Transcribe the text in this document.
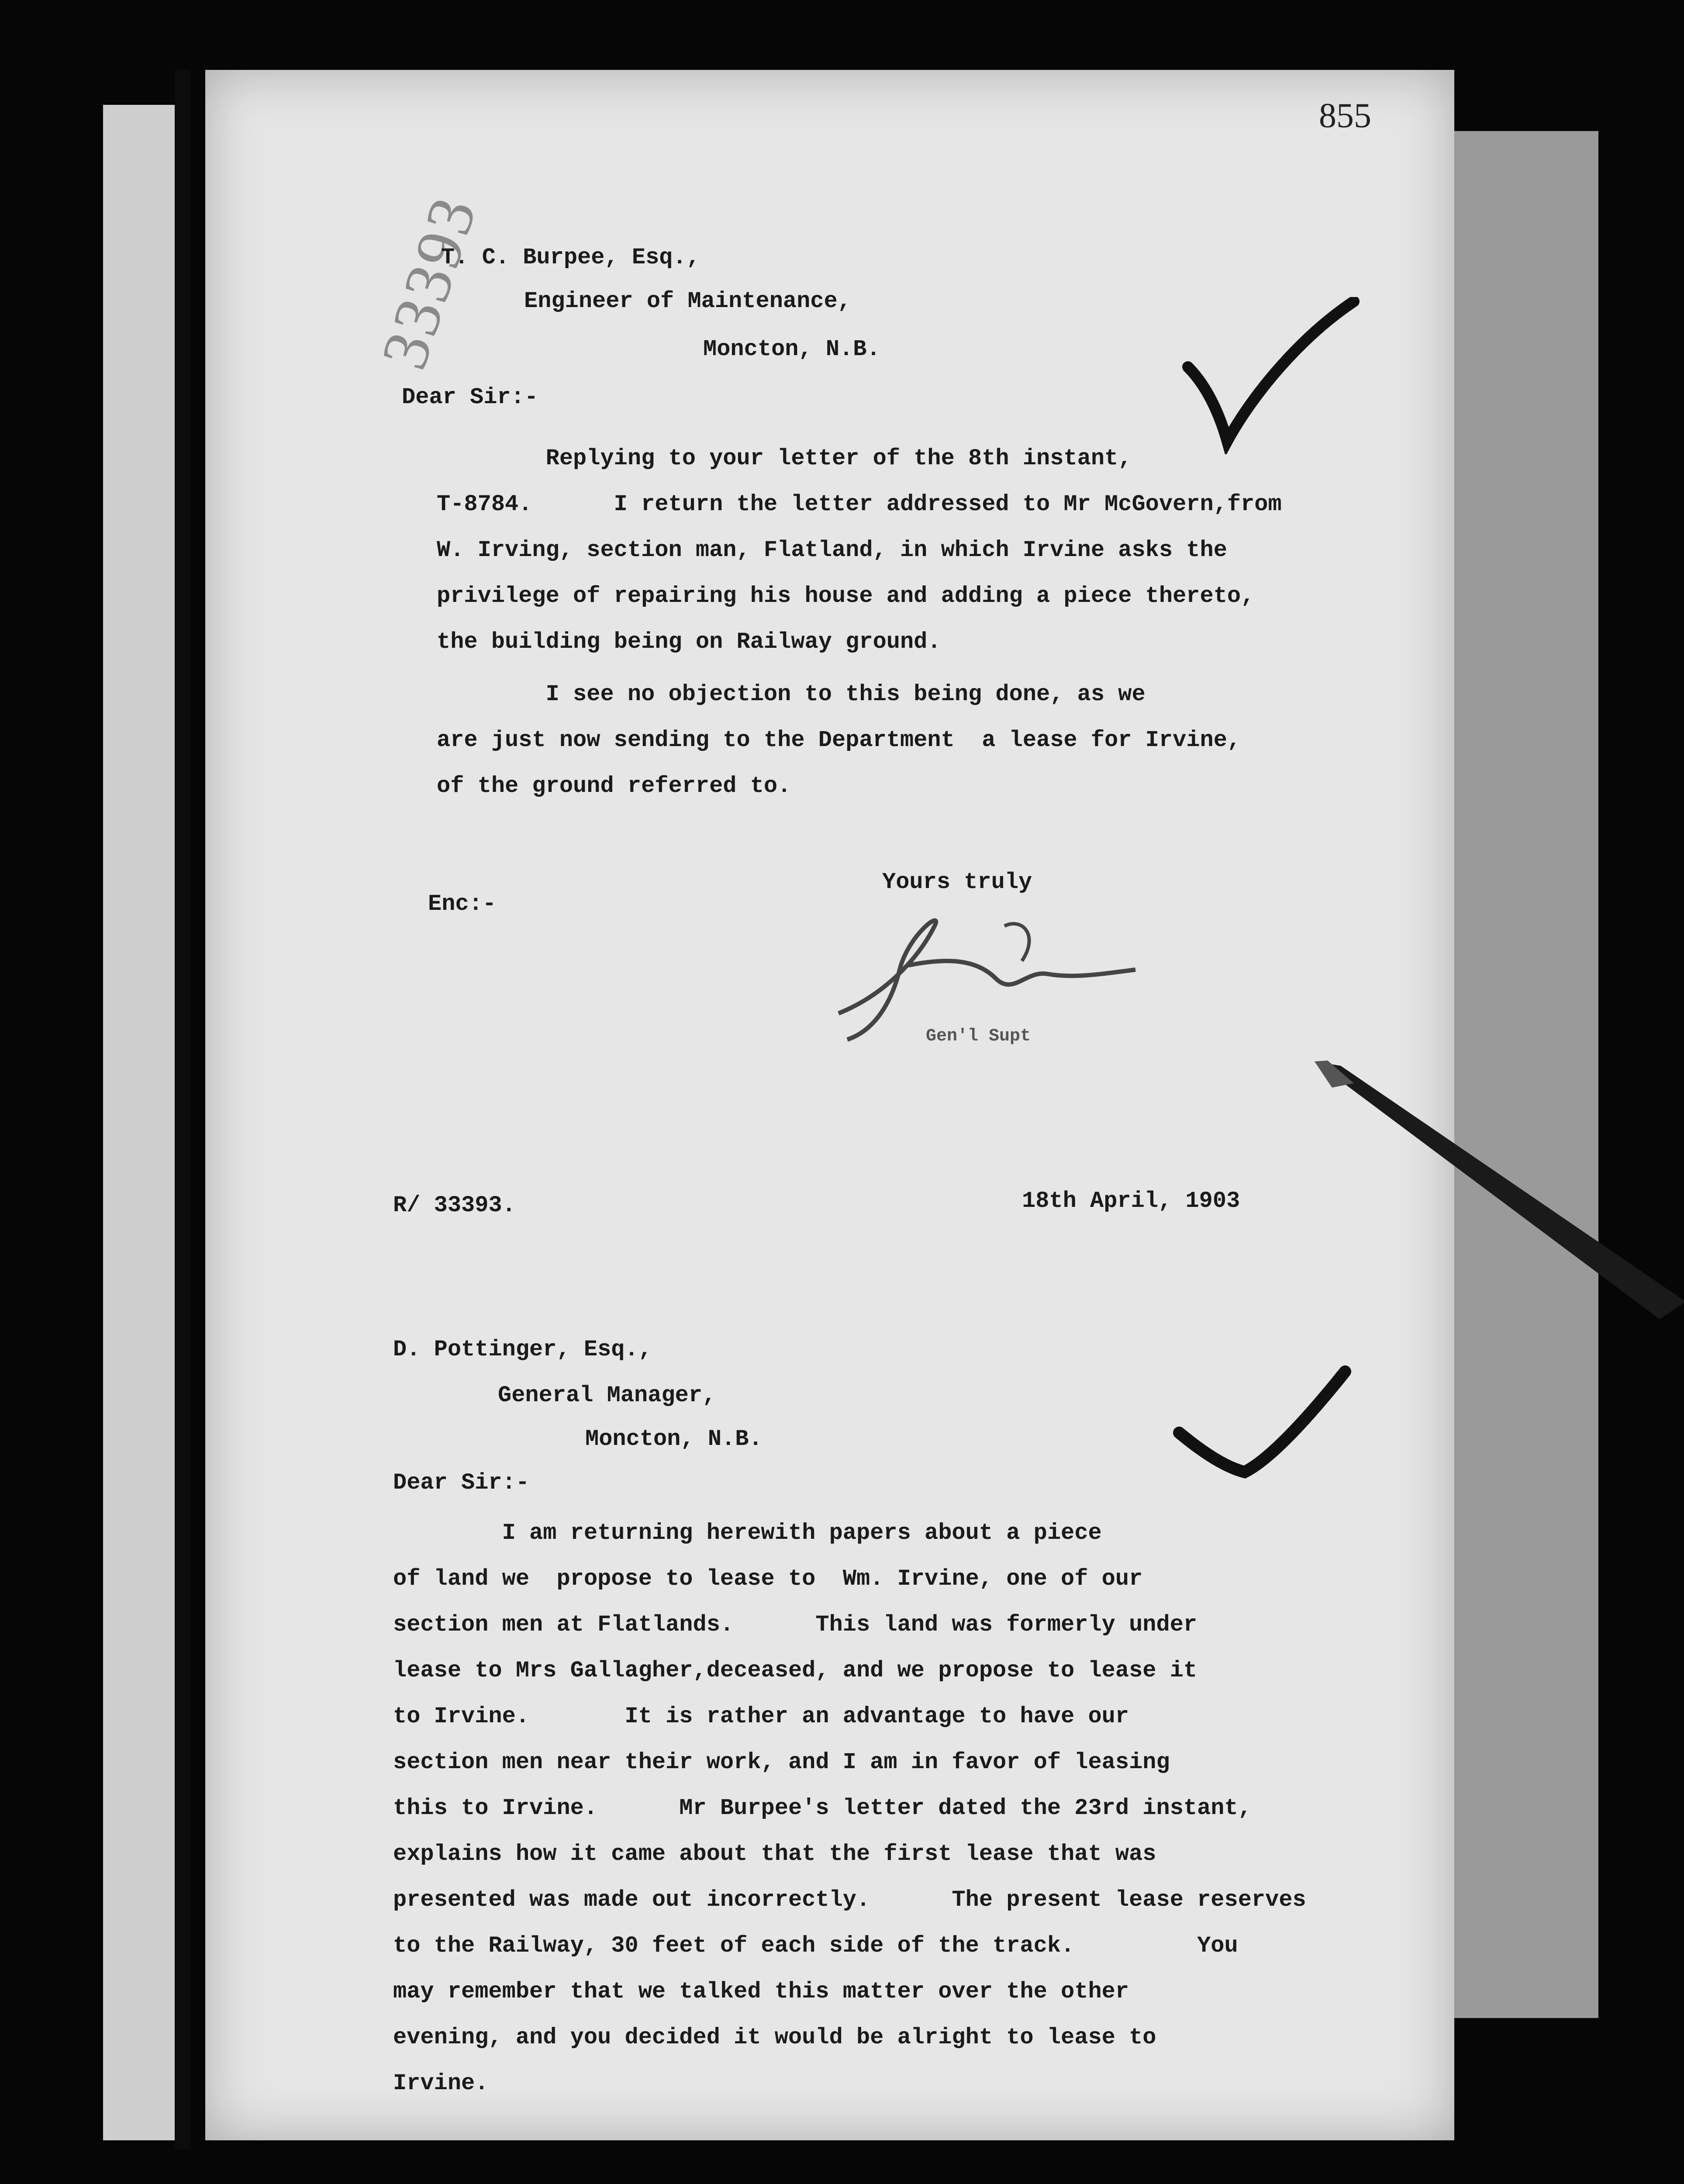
855
33393
T. C. Burpee, Esq.,
Engineer of Maintenance,
Moncton, N.B.
Dear Sir:-
Replying to your letter of the 8th instant,
T-8784.      I return the letter addressed to Mr McGovern,from
W. Irving, section man, Flatland, in which Irvine asks the
privilege of repairing his house and adding a piece thereto,
the building being on Railway ground.
I see no objection to this being done, as we
are just now sending to the Department  a lease for Irvine,
of the ground referred to.
Yours truly
Enc:-
Gen'l Supt
R/ 33393.	18th April, 1903
D. Pottinger, Esq.,
General Manager,
Moncton, N.B.
Dear Sir:-
I am returning herewith papers about a piece
of land we  propose to lease to  Wm. Irvine, one of our
section men at Flatlands.      This land was formerly under
lease to Mrs Gallagher,deceased, and we propose to lease it
to Irvine.       It is rather an advantage to have our
section men near their work, and I am in favor of leasing
this to Irvine.      Mr Burpee's letter dated the 23rd instant,
explains how it came about that the first lease that was
presented was made out incorrectly.      The present lease reserves
to the Railway, 30 feet of each side of the track.         You
may remember that we talked this matter over the other
evening, and you decided it would be alright to lease to
Irvine.
